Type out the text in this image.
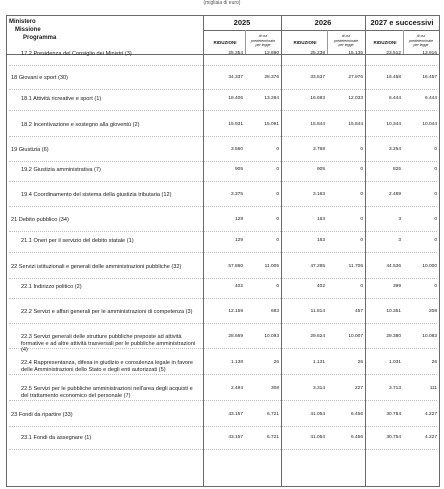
(migliaia di euro)
Ministero
Missione
Programma
2025	2026	2027 e successivi
RIDUZIONI
di cui
predeterminate
per legge
RIDUZIONI
di cui
predeterminate
per legge
RIDUZIONI
di cui
predeterminate
per legge
17.2 Presidenza del Consiglio dei Ministri (3)	25.354	13.890	25.238	15.136	23.512	13.916
18 Giovani e sport (30)	34.337	28.376	33.537	27.976	16.458	16.457
18.1 Attività ricreative e sport (1)	18.406	13.284	16.693	12.033	6.444	6.444
18.2 Incentivazione e sostegno alla gioventù (2)	15.931	15.091	15.844	15.844	10.344	10.044
19 Giustizia (6)	3.560	0	3.768	0	3.254	0
19.2 Giustizia amministrativa (7)	905	0	905	0	825	0
19.4 Coordinamento del sistema della giustizia tributaria (12)	3.375	0	3.163	0	2.489	0
21 Debito pubblico (34)	129	0	163	0	3	0
21.1 Oneri per il servizio del debito statale (1)	129	0	163	0	3	0
22 Servizi istituzionali e generali delle amministrazioni pubbliche (32)	57.860	11.005	47.285	11.706	44.536	10.000
22.1 Indirizzo politico (2)	402	0	402	0	399	0
22.2 Servizi e affari generali per le amministrazioni di competenza (3)	12.159	683	11.814	457	10.351	208
22.3 Servizi generali delle strutture pubbliche preposte ad attività formative e ad altre attività trasversali per le pubbliche amministrazioni (4)
28.669	10.093	29.624	10.007	29.380	10.083
22.4 Rappresentanza, difesa in giudizio e consulenza legale in favore delle Amministrazioni dello Stato e degli enti autorizzati (5)
1.138	26	1.131	26	1.031	26
22.5 Servizi per le pubbliche amministrazioni nell'area degli acquisti e del trattamento economico del personale (7)
2.494	308	3.314	227	3.713	111
23 Fondi da ripartire (33)	43.157	6.721	41.054	6.456	30.754	4.227
23.1 Fondi da assegnare (1)	43.157	6.721	41.054	6.456	30.754	4.227
